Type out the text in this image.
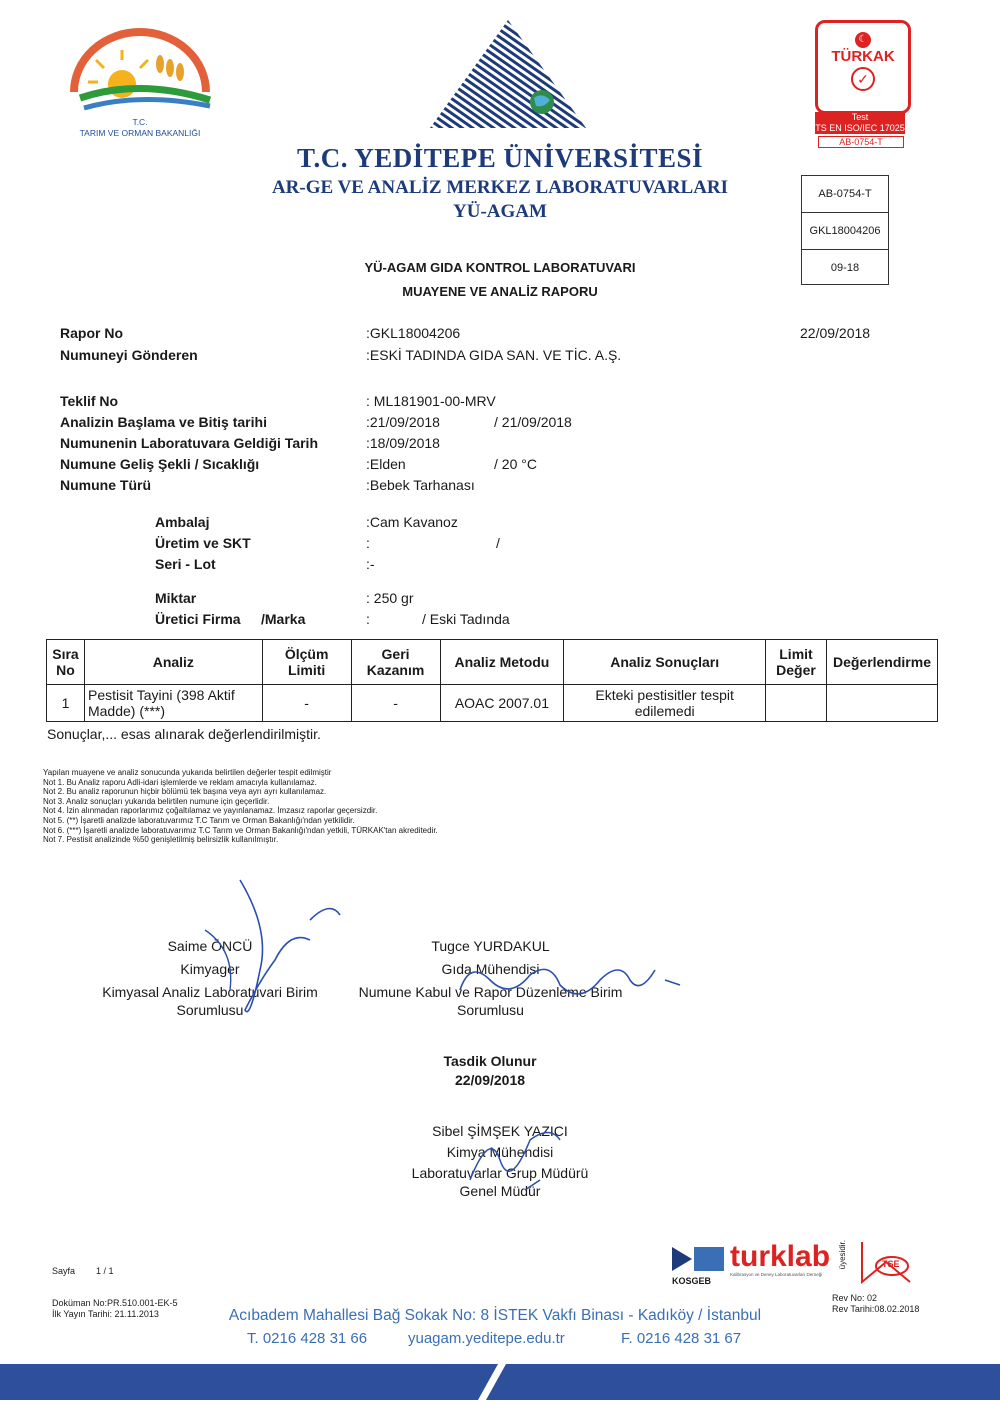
T.C.
TARIM VE ORMAN BAKANLIĞI
T.C. YEDİTEPE ÜNİVERSİTESİ
AR-GE VE ANALİZ MERKEZ LABORATUVARLARI
YÜ-AGAM
☾
TÜRKAK
✓
Test
TS EN ISO/IEC 17025
AB-0754-T
AB-0754-T
GKL18004206
09-18
YÜ-AGAM GIDA KONTROL LABORATUVARI
MUAYENE VE ANALİZ RAPORU
Rapor No	:GKL18004206	22/09/2018
Numuneyi Gönderen	:ESKİ TADINDA GIDA SAN. VE TİC. A.Ş.
Teklif No	: ML181901-00-MRV
Analizin Başlama ve Bitiş tarihi	:21/09/2018	/ 21/09/2018
Numunenin Laboratuvara Geldiği Tarih	:18/09/2018
Numune Geliş Şekli / Sıcaklığı	:Elden	/ 20 °C
Numune Türü	:Bebek Tarhanası
Ambalaj	:Cam Kavanoz
Üretim ve SKT	:	/
Seri - Lot	:-
Miktar	: 250 gr
Üretici Firma /Marka	:	/ Eski Tadında
Sıra No	Analiz	Ölçüm Limiti	Geri Kazanım	Analiz Metodu	Analiz Sonuçları	Limit Değer	Değerlendirme
1	Pestisit Tayini (398 Aktif Madde) (***)	-	-	AOAC 2007.01	Ekteki pestisitler tespit edilemedi		
Sonuçlar,... esas alınarak değerlendirilmiştir.
Yapılan muayene ve analiz sonucunda yukarıda belirtilen değerler tespit edilmiştir
Not 1. Bu Analiz raporu Adli-idari işlemlerde ve reklam amacıyla kullanılamaz.
Not 2. Bu analiz raporunun hiçbir bölümü tek başına veya ayrı ayrı kullanılamaz.
Not 3. Analiz sonuçları yukarıda belirtilen numune için geçerlidir.
Not 4. İzin alınmadan raporlarımız çoğaltılamaz ve yayınlanamaz. İmzasız raporlar geçersizdir.
Not 5. (**) İşaretli analizde laboratuvarımız T.C Tarım ve Orman Bakanlığı'ndan yetkilidir.
Not 6. (***) İşaretli analizde laboratuvarımız T.C Tarım ve Orman Bakanlığı'ndan yetkili, TÜRKAK'tan akreditedir.
Not 7. Pestisit analizinde %50 genişletilmiş belirsizlik kullanılmıştır.
Saime ÖNCÜ
Kimyager
Kimyasal Analiz Laboratuvari Birim
Sorumlusu
Tugce YURDAKUL
Gıda Mühendisi
Numune Kabul ve Rapor Düzenleme Birim
Sorumlusu
Tasdik Olunur
22/09/2018
Sibel ŞİMŞEK YAZICI
Kimya Mühendisi
Laboratuvarlar Grup Müdürü
Genel Müdür
Sayfa 1 / 1
Doküman No:PR.510.001-EK-5
İlk Yayın Tarihi: 21.11.2013
KOSGEB
turklab
Kalibrasyon ve Deney Laboratuvarları Derneği
üyesidir.	TSE
Rev No: 02
Rev Tarihi:08.02.2018
Acıbadem Mahallesi Bağ Sokak No: 8 İSTEK Vakfı Binası - Kadıköy / İstanbul
T. 0216 428 31 66	yuagam.yeditepe.edu.tr	F. 0216 428 31 67
